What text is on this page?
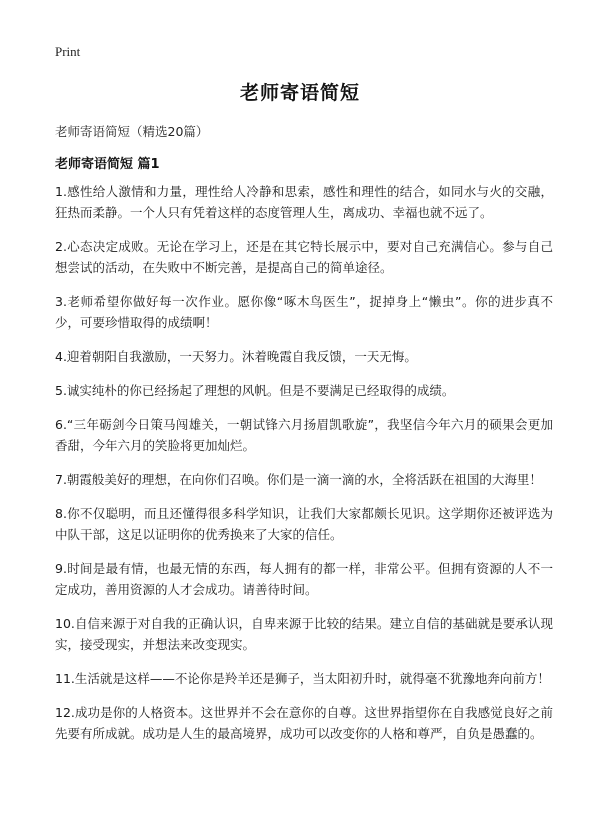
Print
老师寄语简短
老师寄语简短（精选20篇）
老师寄语简短 篇1

1.感性给人激情和力量，理性给人冷静和思索，感性和理性的结合，如同水与火的交融，狂热而柔静。一个人只有凭着这样的态度管理人生，离成功、幸福也就不远了。

2.心态决定成败。无论在学习上，还是在其它特长展示中，要对自己充满信心。参与自己想尝试的活动，在失败中不断完善，是提高自己的简单途径。

3.老师希望你做好每一次作业。愿你像“啄木鸟医生”，捉掉身上“懒虫”。你的进步真不少，可要珍惜取得的成绩啊！

4.迎着朝阳自我激励，一天努力。沐着晚霞自我反馈，一天无悔。

5.诚实纯朴的你已经扬起了理想的风帆。但是不要满足已经取得的成绩。

6.“三年砺剑今日策马闯雄关，一朝试锋六月扬眉凯歌旋”，我坚信今年六月的硕果会更加香甜，今年六月的笑脸将更加灿烂。

7.朝霞般美好的理想，在向你们召唤。你们是一滴一滴的水，全将活跃在祖国的大海里！

8.你不仅聪明，而且还懂得很多科学知识，让我们大家都颇长见识。这学期你还被评选为中队干部，这足以证明你的优秀换来了大家的信任。

9.时间是最有情，也最无情的东西，每人拥有的都一样，非常公平。但拥有资源的人不一定成功，善用资源的人才会成功。请善待时间。

10.自信来源于对自我的正确认识，自卑来源于比较的结果。建立自信的基础就是要承认现实，接受现实，并想法来改变现实。

11.生活就是这样——不论你是羚羊还是狮子，当太阳初升时，就得毫不犹豫地奔向前方！

12.成功是你的人格资本。这世界并不会在意你的自尊。这世界指望你在自我感觉良好之前先要有所成就。成功是人生的最高境界，成功可以改变你的人格和尊严，自负是愚蠢的。
